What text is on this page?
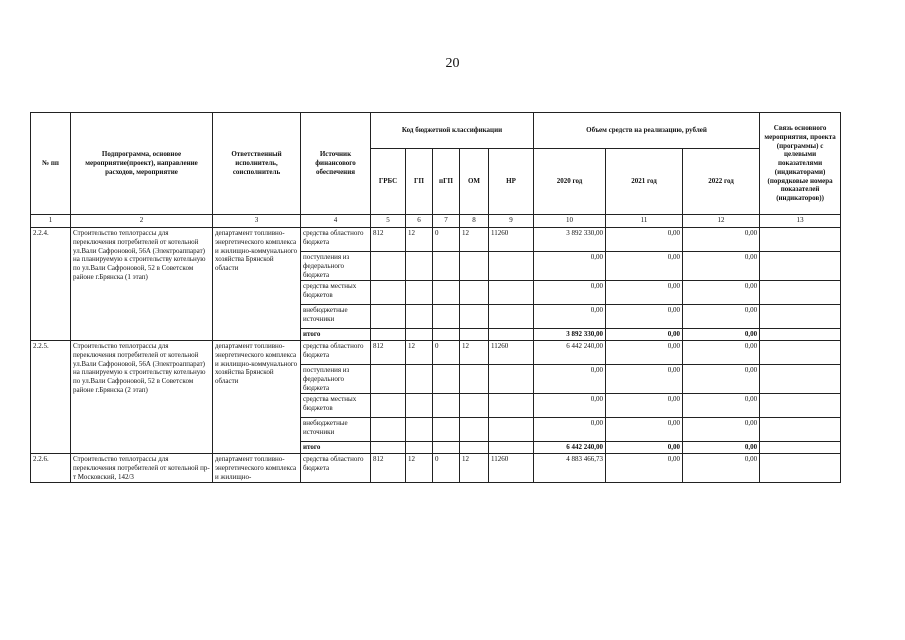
20
№ пп	Подпрограмма, основное мероприятие(проект), направление расходов, мероприятие	Ответственный исполнитель, соисполнитель	Источник финансового обеспечения	Код бюджетной классификации					Объем средств на реализацию, рублей			Связь основного мероприятия, проекта (программы) с целевыми показателями (индикаторами) (порядковые номера показателей (индикаторов))
				ГРБС	ГП	пГП	ОМ	НР	2020 год	2021 год	2022 год	
1	2	3	4	5	6	7	8	9	10	11	12	13
2.2.4.	Строительство теплотрассы для переключения потребителей от котельной ул.Вали Сафроновой, 56А (Электроаппарат) на планируемую к строительству котельную по ул.Вали Сафроновой, 52 в Советском районе г.Брянска (1 этап)	департамент топливно-энергетического комплекса и жилищно-коммунального хозяйства Брянской области	средства областного бюджета	812	12	0	12	11260	3 892 330,00	0,00	0,00	
			поступления из федерального бюджета						0,00	0,00	0,00	
			средства местных бюджетов						0,00	0,00	0,00	
			внебюджетные источники						0,00	0,00	0,00	
			итого						3 892 330,00	0,00	0,00	
2.2.5.	Строительство теплотрассы для переключения потребителей от котельной ул.Вали Сафроновой, 56А (Электроаппарат) на планируемую к строительству котельную по ул.Вали Сафроновой, 52 в Советском районе г.Брянска (2 этап)	департамент топливно-энергетического комплекса и жилищно-коммунального хозяйства Брянской области	средства областного бюджета	812	12	0	12	11260	6 442 240,00	0,00	0,00	
			поступления из федерального бюджета						0,00	0,00	0,00	
			средства местных бюджетов						0,00	0,00	0,00	
			внебюджетные источники						0,00	0,00	0,00	
			итого						6 442 240,00	0,00	0,00	
2.2.6.	Строительство теплотрассы для переключения потребителей от котельной пр-т Московский, 142/3	департамент топливно-энергетического комплекса и жилищно-	средства областного бюджета	812	12	0	12	11260	4 883 466,73	0,00	0,00	
